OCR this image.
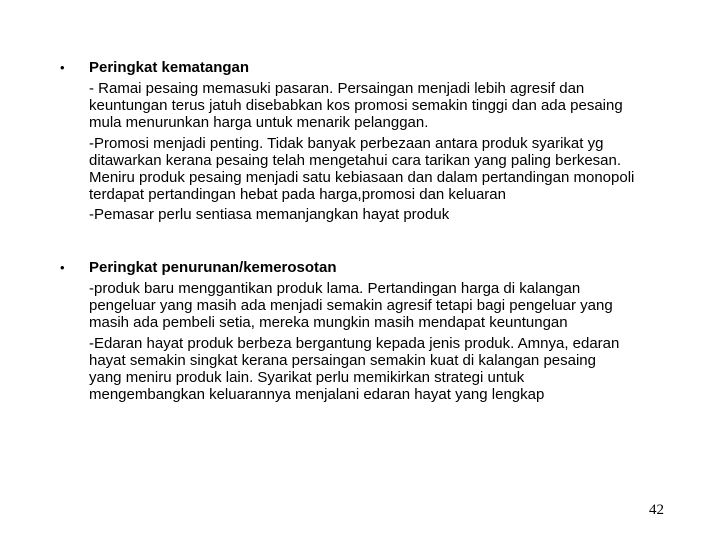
• Peringkat kematangan
- Ramai pesaing memasuki pasaran. Persaingan menjadi lebih agresif dan
keuntungan terus jatuh disebabkan kos promosi semakin tinggi dan ada pesaing
mula menurunkan harga untuk menarik pelanggan.
-Promosi menjadi penting. Tidak banyak perbezaan antara produk syarikat yg
ditawarkan kerana pesaing telah mengetahui cara tarikan yang paling berkesan.
Meniru produk pesaing menjadi satu kebiasaan dan dalam pertandingan monopoli
terdapat pertandingan hebat pada harga,promosi dan keluaran
-Pemasar perlu sentiasa memanjangkan hayat produk
• Peringkat penurunan/kemerosotan
-produk baru menggantikan produk lama. Pertandingan harga di kalangan
pengeluar yang masih ada menjadi semakin agresif tetapi bagi pengeluar yang
masih ada pembeli setia, mereka mungkin masih mendapat keuntungan
-Edaran hayat produk berbeza bergantung kepada jenis produk. Amnya, edaran
hayat semakin singkat kerana persaingan semakin kuat di kalangan pesaing
yang meniru produk lain. Syarikat perlu memikirkan strategi untuk
mengembangkan keluarannya menjalani edaran hayat yang lengkap
42
